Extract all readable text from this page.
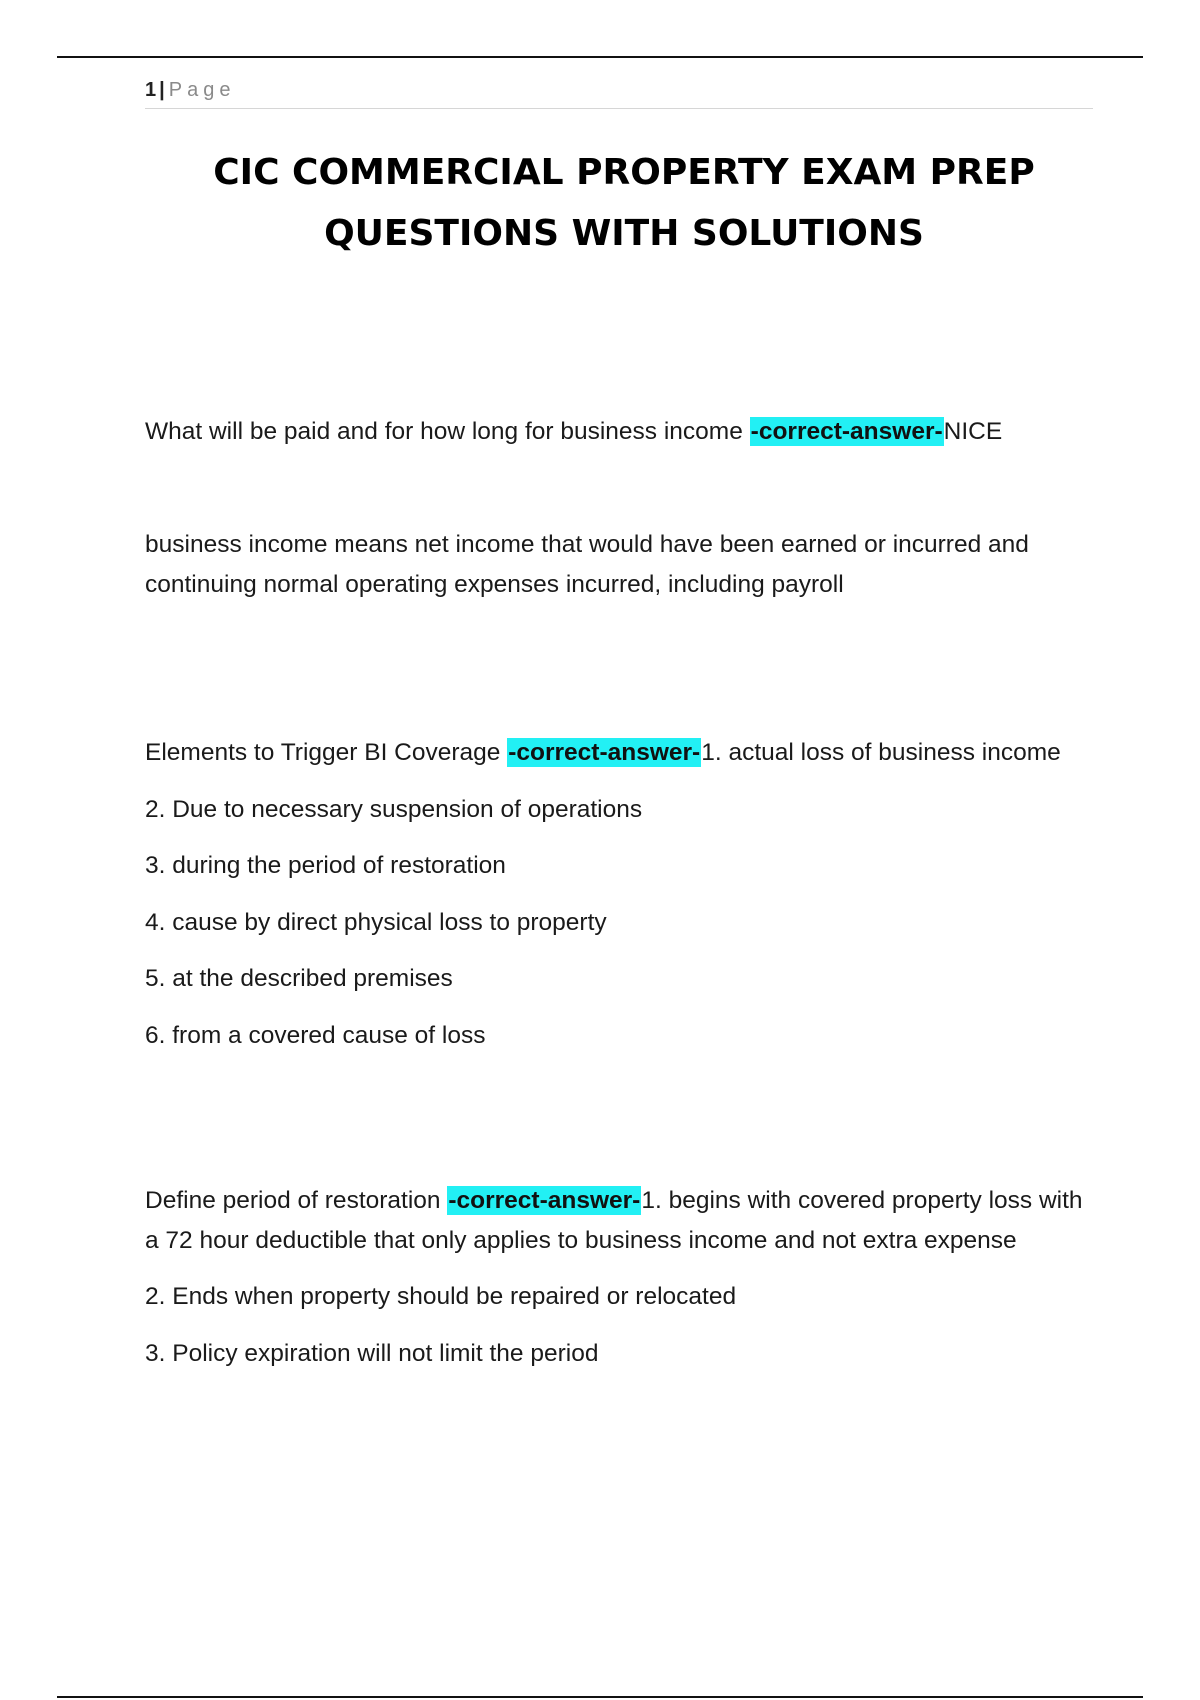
1 | Page
CIC COMMERCIAL PROPERTY EXAM PREP
QUESTIONS WITH SOLUTIONS

What will be paid and for how long for business income -correct-answer-NICE

business income means net income that would have been earned or incurred and continuing normal operating expenses incurred, including payroll

Elements to Trigger BI Coverage -correct-answer-1. actual loss of business income

2. Due to necessary suspension of operations

3. during the period of restoration

4. cause by direct physical loss to property

5. at the described premises

6. from a covered cause of loss

Define period of restoration -correct-answer-1. begins with covered property loss with a 72 hour deductible that only applies to business income and not extra expense

2. Ends when property should be repaired or relocated

3. Policy expiration will not limit the period
